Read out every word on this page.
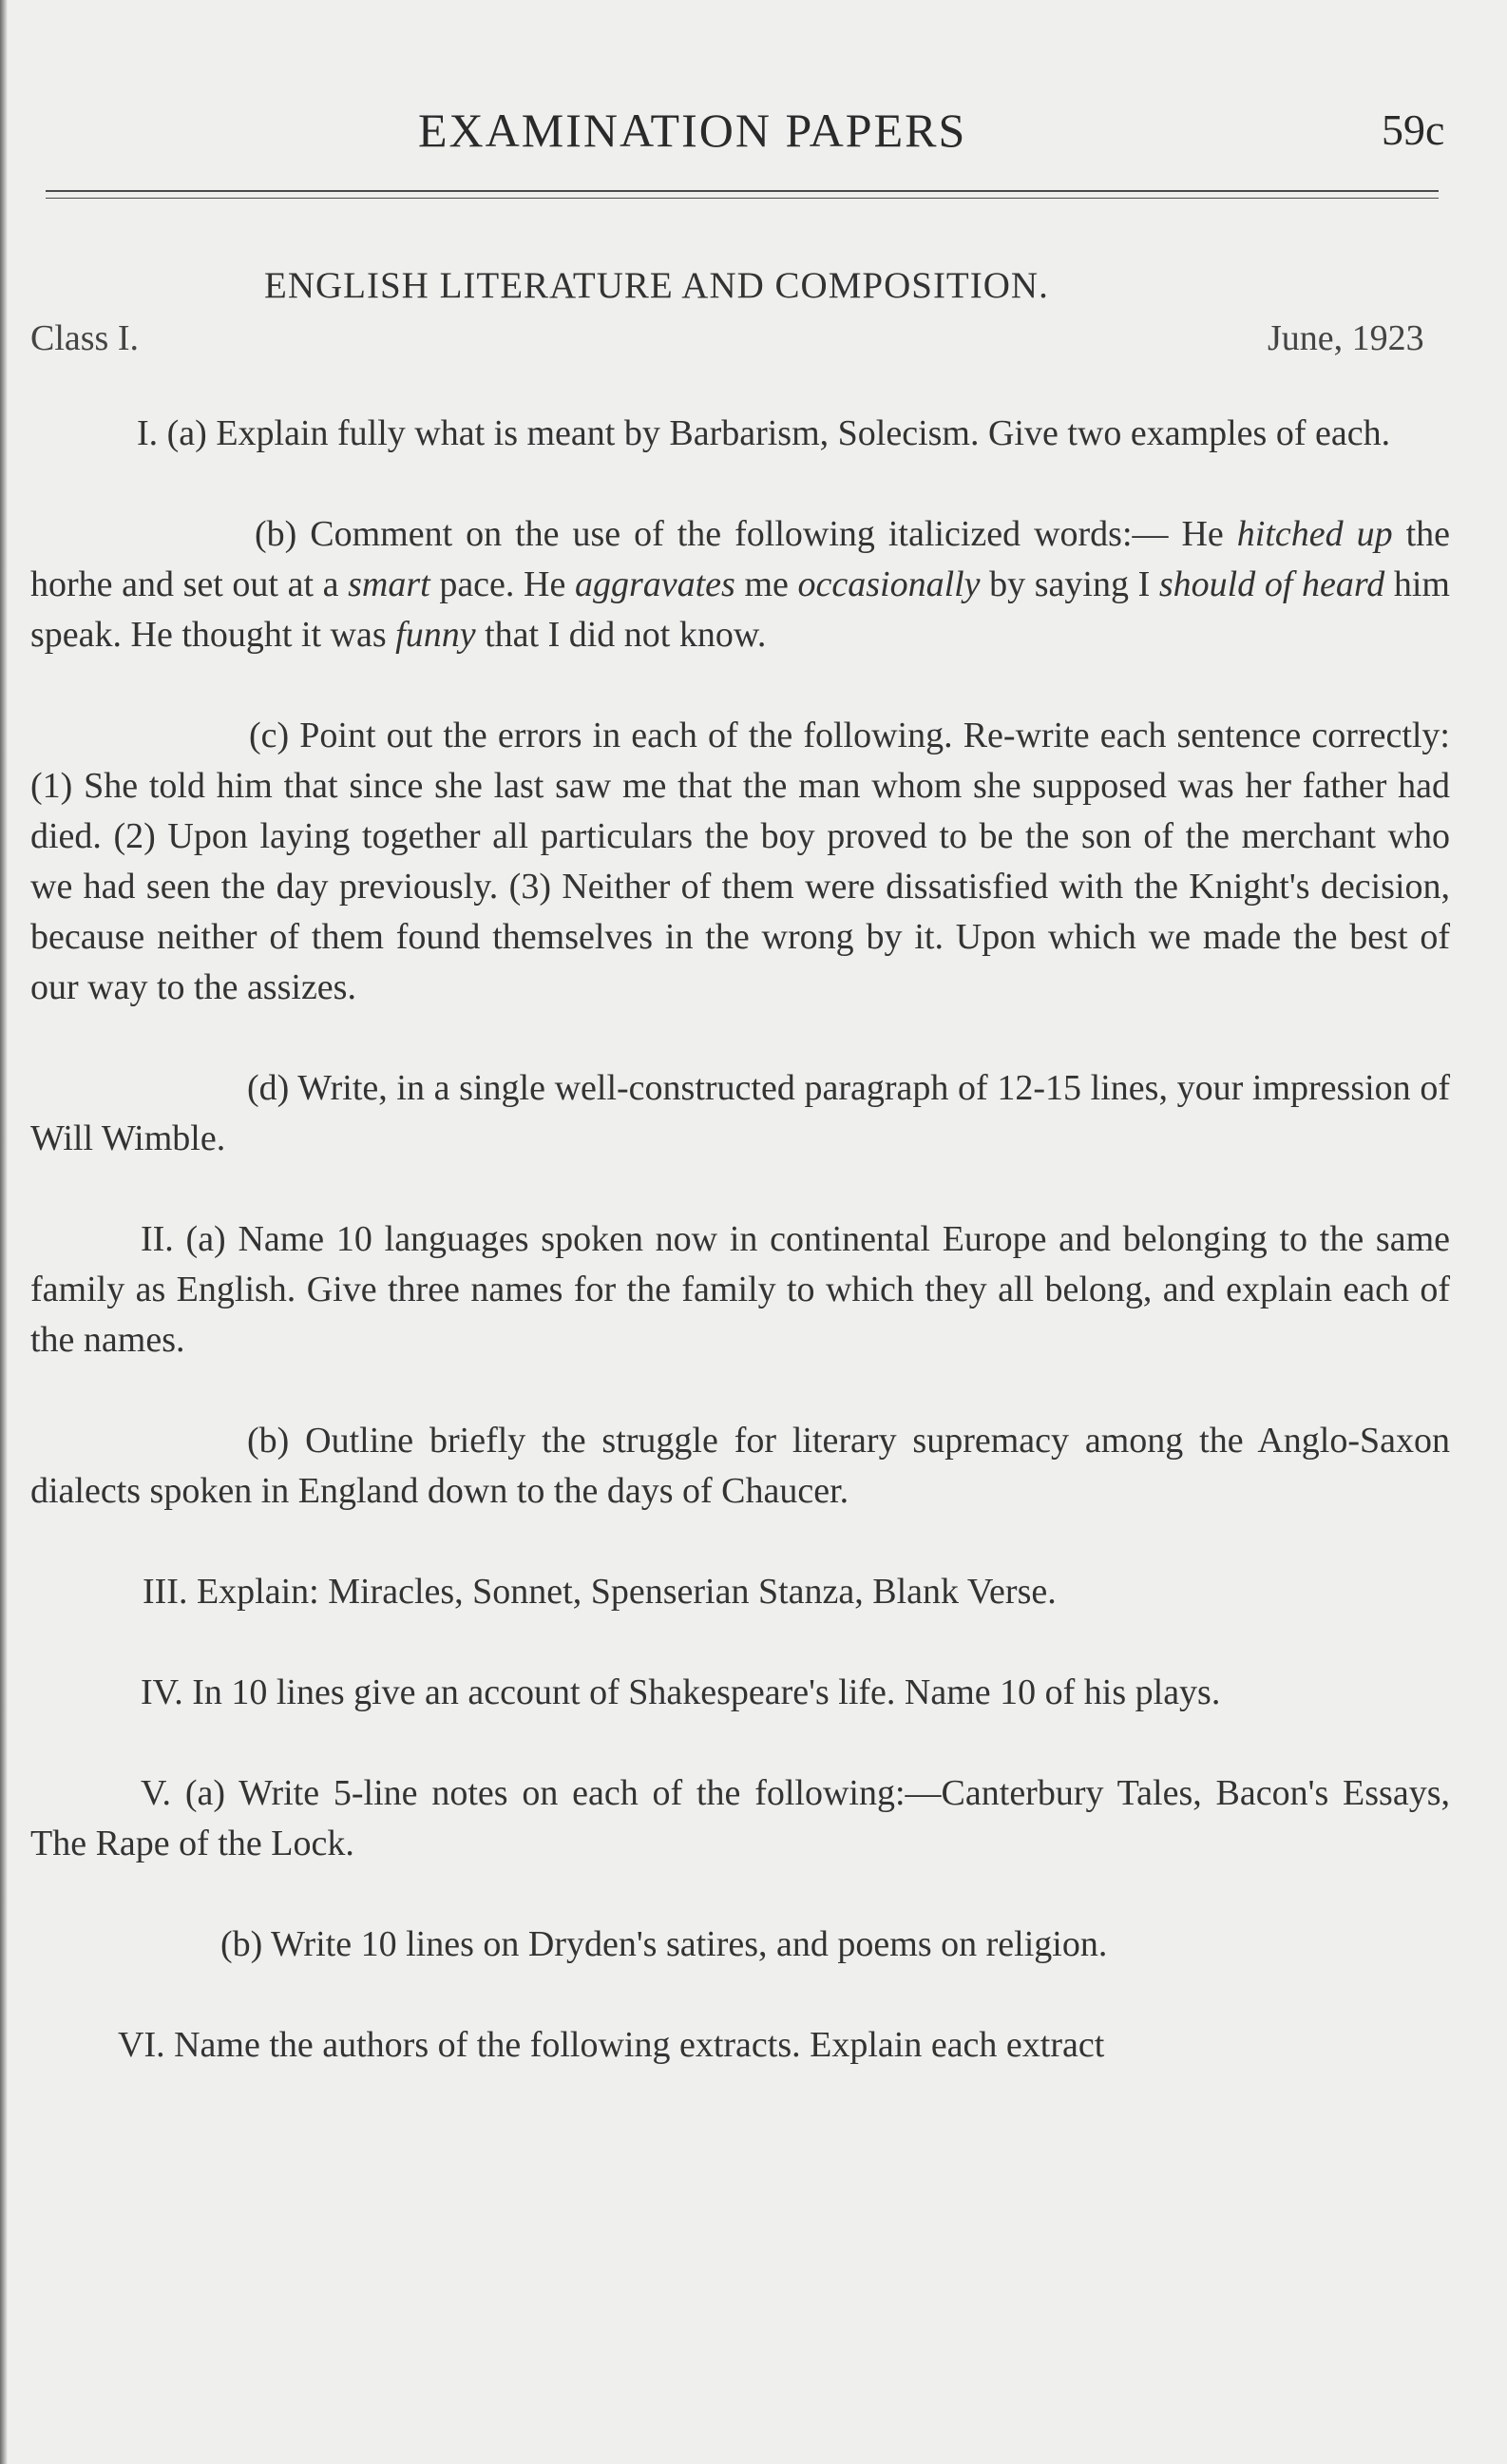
EXAMINATION PAPERS	59c
ENGLISH LITERATURE AND COMPOSITION.
Class I.	June, 1923

I. (a) Explain fully what is meant by Barbarism, Solecism. Give two examples of each.

(b) Comment on the use of the following italicized words:— He hitched up the horhe and set out at a smart pace. He aggravates me occasionally by saying I should of heard him speak. He thought it was funny that I did not know.

(c) Point out the errors in each of the following. Re-write each sentence correctly: (1) She told him that since she last saw me that the man whom she supposed was her father had died. (2) Upon laying together all particulars the boy proved to be the son of the merchant who we had seen the day previously. (3) Neither of them were dissatisfied with the Knight's decision, because neither of them found themselves in the wrong by it. Upon which we made the best of our way to the assizes.

(d) Write, in a single well-constructed paragraph of 12-15 lines, your impression of Will Wimble.

II. (a) Name 10 languages spoken now in continental Europe and belonging to the same family as English. Give three names for the family to which they all belong, and explain each of the names.

(b) Outline briefly the struggle for literary supremacy among the Anglo-Saxon dialects spoken in England down to the days of Chaucer.

III. Explain: Miracles, Sonnet, Spenserian Stanza, Blank Verse.

IV. In 10 lines give an account of Shakespeare's life. Name 10 of his plays.

V. (a) Write 5-line notes on each of the following:—Canterbury Tales, Bacon's Essays, The Rape of the Lock.

(b) Write 10 lines on Dryden's satires, and poems on religion.

VI. Name the authors of the following extracts. Explain each extract
